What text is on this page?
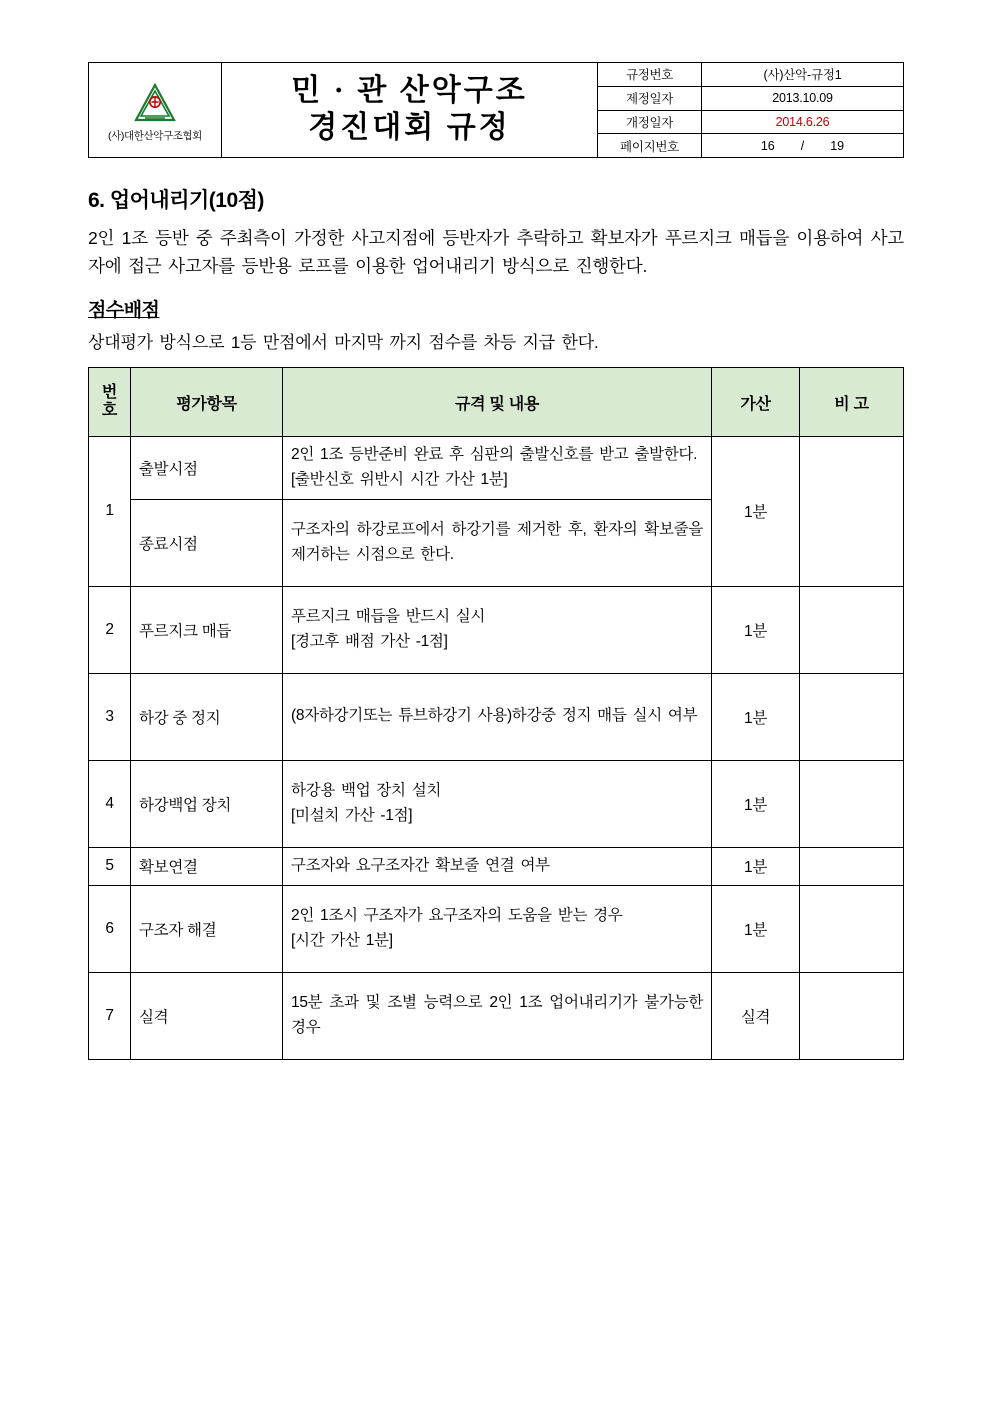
(사)대한산악구조협회
민 · 관 산악구조
경진대회 규정
규정번호	(사)산악-규정1
제정일자	2013.10.09
개정일자	2014.6.26
페이지번호	16 / 19
6. 업어내리기(10점)

2인 1조 등반 중 주최측이 가정한 사고지점에 등반자가 추락하고 확보자가 푸르지크 매듭을 이용하여 사고자에 접근 사고자를 등반용 로프를 이용한 업어내리기 방식으로 진행한다.

점수배점

상대평가 방식으로 1등 만점에서 마지막 까지 점수를 차등 지급 한다.

번
호	평가항목	규격 및 내용	가산	비 고
1	출발시점	2인 1조 등반준비 완료 후 심판의 출발신호를 받고 출발한다.
[출반신호 위반시 시간 가산 1분]	1분	
	종료시점	구조자의 하강로프에서 하강기를 제거한 후, 환자의 확보줄을 제거하는 시점으로 한다.		

2	푸르지크 매듭	푸르지크 매듭을 반드시 실시
[경고후 배점 가산 -1점]	1분	
3	하강 중 정지	(8자하강기또는 튜브하강기 사용)하강중 정지 매듭 실시 여부	1분	
4	하강백업 장치	하강용 백업 장치 설치
[미설치 가산 -1점]	1분	
5	확보연결	구조자와 요구조자간 확보줄 연결 여부	1분	
6	구조자 해결	2인 1조시 구조자가 요구조자의 도움을 받는 경우
[시간 가산 1분]	1분	
7	실격	15분 초과 및 조별 능력으로 2인 1조 업어내리기가 불가능한경우	실격	
